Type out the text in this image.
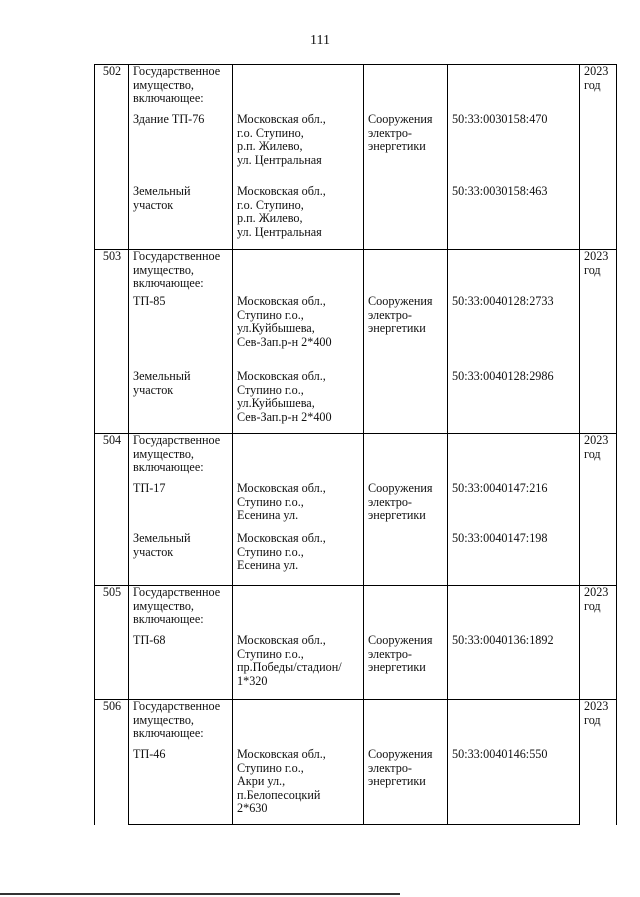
111
502	Государственное
имущество,
включающее:				2023
год
	Здание ТП-76	Московская обл.,
г.о. Ступино,
р.п. Жилево,
ул. Центральная	Сооружения
электро-
энергетики	50:33:0030158:470	
	Земельный
участок	Московская обл.,
г.о. Ступино,
р.п. Жилево,
ул. Центральная		50:33:0030158:463	
503	Государственное
имущество,
включающее:				2023
год
	ТП-85	Московская обл.,
Ступино г.о.,
ул.Куйбышева,
Сев-Зап.р-н 2*400	Сооружения
электро-
энергетики	50:33:0040128:2733	
	Земельный
участок	Московская обл.,
Ступино г.о.,
ул.Куйбышева,
Сев-Зап.р-н 2*400		50:33:0040128:2986	
504	Государственное
имущество,
включающее:				2023
год
	ТП-17	Московская обл.,
Ступино г.о.,
Есенина ул.	Сооружения
электро-
энергетики	50:33:0040147:216	
	Земельный
участок	Московская обл.,
Ступино г.о.,
Есенина ул.		50:33:0040147:198	
505	Государственное
имущество,
включающее:				2023
год
	ТП-68	Московская обл.,
Ступино г.о.,
пр.Победы/стадион/
1*320	Сооружения
электро-
энергетики	50:33:0040136:1892	
506	Государственное
имущество,
включающее:				2023
год
	ТП-46	Московская обл.,
Ступино г.о.,
Акри ул.,
п.Белопесоцкий
2*630	Сооружения
электро-
энергетики	50:33:0040146:550	
